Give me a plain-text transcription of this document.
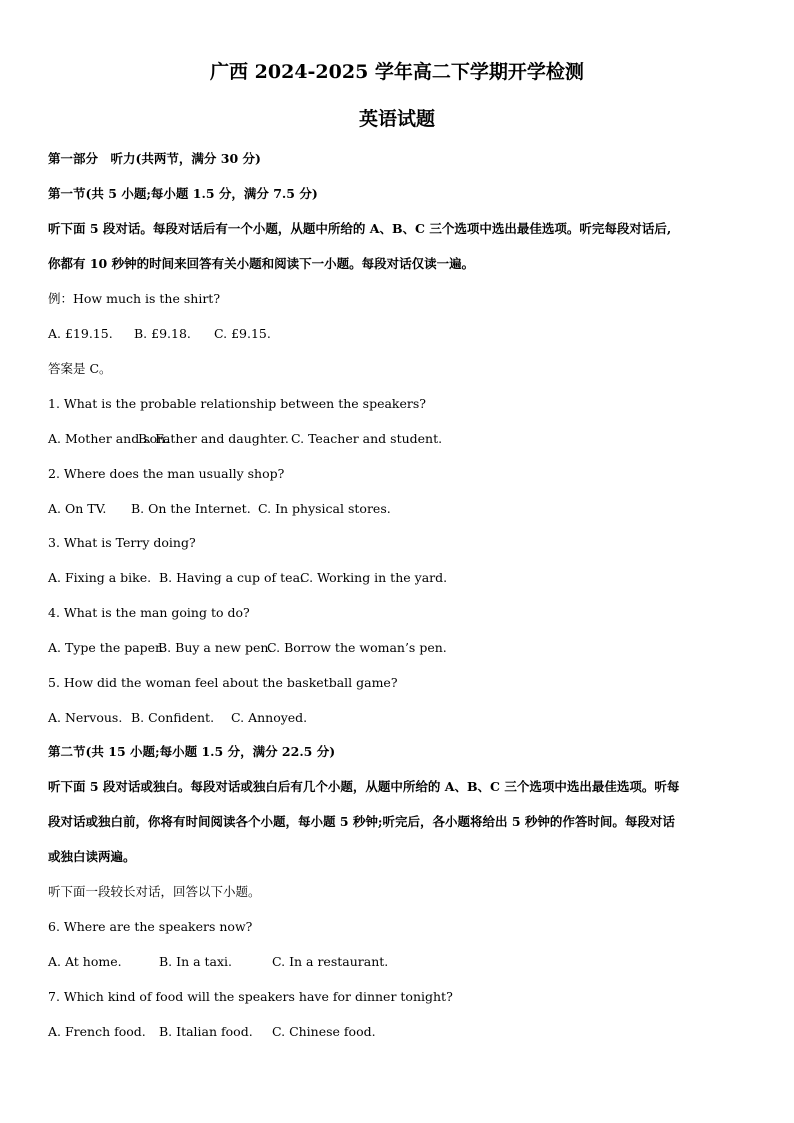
广西 2024-2025 学年高二下学期开学检测
英语试题
第一部分　听力(共两节，满分 30 分)
第一节(共 5 小题;每小题 1.5 分，满分 7.5 分)
听下面 5 段对话。每段对话后有一个小题，从题中所给的 A、B、C 三个选项中选出最佳选项。听完每段对话后,
你都有 10 秒钟的时间来回答有关小题和阅读下一小题。每段对话仅读一遍。
例：How much is the shirt?
A. £19.15. B. £9.18. C. £9.15.
答案是 C。
1. What is the probable relationship between the speakers?
A. Mother and son.B. Father and daughter. C. Teacher and student.
2. Where does the man usually shop?
A. On TV. B. On the Internet. C. In physical stores.
3. What is Terry doing?
A. Fixing a bike. B. Having a cup of tea.C. Working in the yard.
4. What is the man going to do?
A. Type the paper.B. Buy a new pen.C. Borrow the woman’s pen.
5. How did the woman feel about the basketball game?
A. Nervous. B. Confident. C. Annoyed.
第二节(共 15 小题;每小题 1.5 分，满分 22.5 分)
听下面 5 段对话或独白。每段对话或独白后有几个小题，从题中所给的 A、B、C 三个选项中选出最佳选项。听每
段对话或独白前，你将有时间阅读各个小题，每小题 5 秒钟;听完后，各小题将给出 5 秒钟的作答时间。每段对话
或独白读两遍。
听下面一段较长对话，回答以下小题。
6. Where are the speakers now?
A. At home.	B. In a taxi.	C. In a restaurant.
7. Which kind of food will the speakers have for dinner tonight?
A. French food. B. Italian food. C. Chinese food.
